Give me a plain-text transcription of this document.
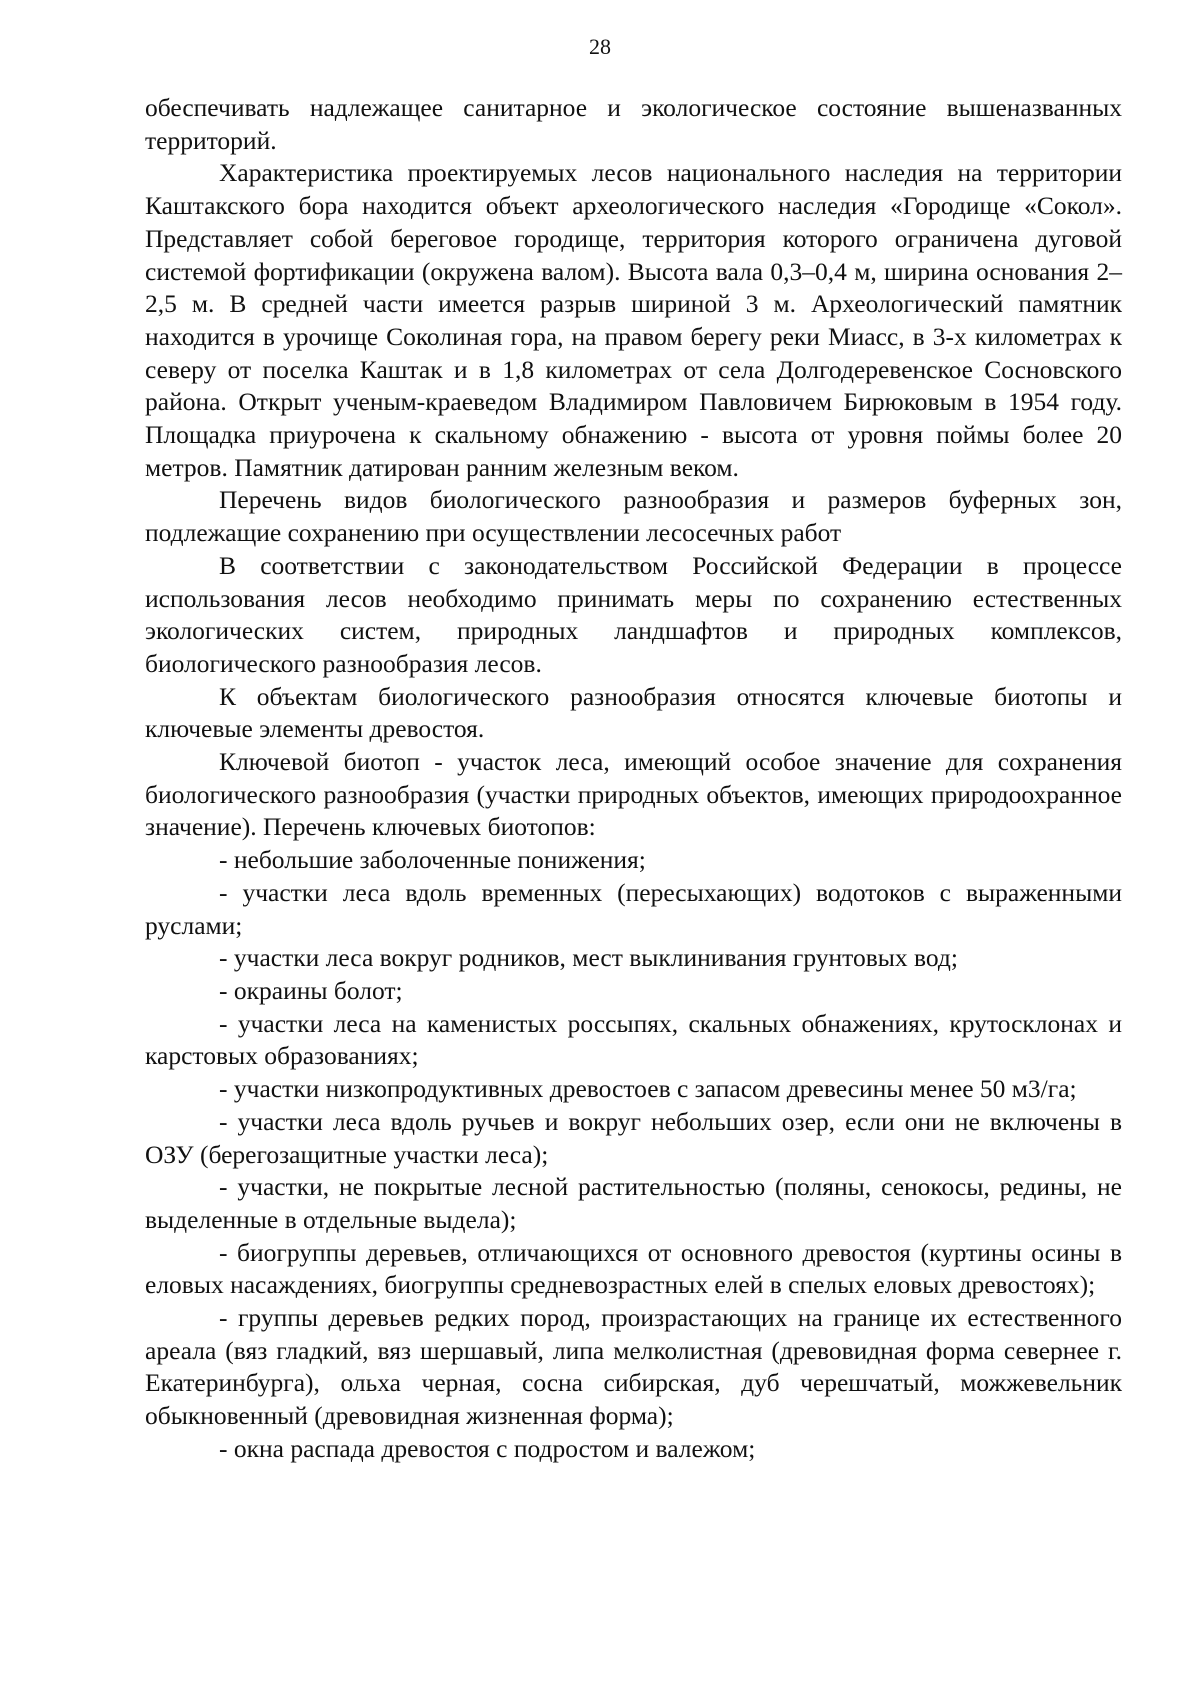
28

обеспечивать надлежащее санитарное и экологическое состояние вышеназванных территорий.

Характеристика проектируемых лесов национального наследия на территории Каштакского бора находится объект археологического наследия «Городище «Сокол». Представляет собой береговое городище, территория которого ограничена дуговой системой фортификации (окружена валом). Высота вала 0,3–0,4 м, ширина основания 2–2,5 м. В средней части имеется разрыв шириной 3 м. Археологический памятник находится в урочище Соколиная гора, на правом берегу реки Миасс, в 3-х километрах к северу от поселка Каштак и в 1,8 километрах от села Долгодеревенское Сосновского района. Открыт ученым-краеведом Владимиром Павловичем Бирюковым в 1954 году. Площадка приурочена к скальному обнажению - высота от уровня поймы более 20 метров. Памятник датирован ранним железным веком.

Перечень видов биологического разнообразия и размеров буферных зон, подлежащие сохранению при осуществлении лесосечных работ

В соответствии с законодательством Российской Федерации в процессе использования лесов необходимо принимать меры по сохранению естественных экологических систем, природных ландшафтов и природных комплексов, биологического разнообразия лесов.

К объектам биологического разнообразия относятся ключевые биотопы и ключевые элементы древостоя.

Ключевой биотоп - участок леса, имеющий особое значение для сохранения биологического разнообразия (участки природных объектов, имеющих природоохранное значение). Перечень ключевых биотопов:

- небольшие заболоченные понижения;

- участки леса вдоль временных (пересыхающих) водотоков с выраженными руслами;

- участки леса вокруг родников, мест выклинивания грунтовых вод;

- окраины болот;

- участки леса на каменистых россыпях, скальных обнажениях, крутосклонах и карстовых образованиях;

- участки низкопродуктивных древостоев с запасом древесины менее 50 м3/га;

- участки леса вдоль ручьев и вокруг небольших озер, если они не включены в ОЗУ (берегозащитные участки леса);

- участки, не покрытые лесной растительностью (поляны, сенокосы, редины, не выделенные в отдельные выдела);

- биогруппы деревьев, отличающихся от основного древостоя (куртины осины в еловых насаждениях, биогруппы средневозрастных елей в спелых еловых древостоях);

- группы деревьев редких пород, произрастающих на границе их естественного ареала (вяз гладкий, вяз шершавый, липа мелколистная (древовидная форма севернее г. Екатеринбурга), ольха черная, сосна сибирская, дуб черешчатый, можжевельник обыкновенный (древовидная жизненная форма);

- окна распада древостоя с подростом и валежом;
